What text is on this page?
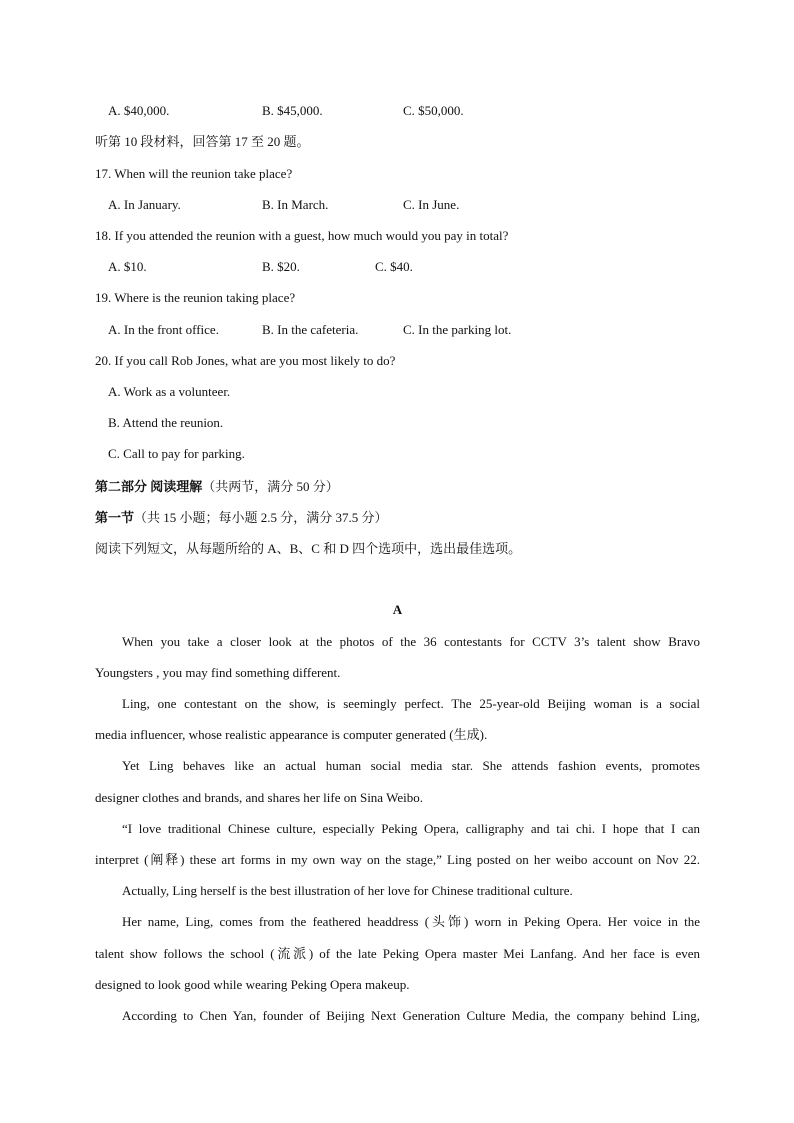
A. $40,000.	B. $45,000.	C. $50,000.
听第 10 段材料，回答第 17 至 20 题。
17. When will the reunion take place?
A. In January.	B. In March.	C. In June.
18. If you attended the reunion with a guest, how much would you pay in total?
A. $10.	B. $20.	C. $40.
19. Where is the reunion taking place?
A. In the front office.	B. In the cafeteria.	C. In the parking lot.
20. If you call Rob Jones, what are you most likely to do?
A. Work as a volunteer.
B. Attend the reunion.
C. Call to pay for parking.
第二部分 阅读理解（共两节，满分 50 分）
第一节（共 15 小题；每小题 2.5 分，满分 37.5 分）
阅读下列短文，从每题所给的 A、B、C 和 D 四个选项中，选出最佳选项。
A
When you take a closer look at the photos of the 36 contestants for CCTV 3’s talent show Bravo
Youngsters , you may find something different.
Ling, one contestant on the show, is seemingly perfect. The 25-year-old Beijing woman is a social
media influencer, whose realistic appearance is computer generated (生成).
Yet Ling behaves like an actual human social media star. She attends fashion events, promotes
designer clothes and brands, and shares her life on Sina Weibo.
“I love traditional Chinese culture, especially Peking Opera, calligraphy and tai chi. I hope that I can
interpret (阐释) these art forms in my own way on the stage,” Ling posted on her weibo account on Nov 22.
Actually, Ling herself is the best illustration of her love for Chinese traditional culture.
Her name, Ling, comes from the feathered headdress (头饰) worn in Peking Opera. Her voice in the
talent show follows the school (流派) of the late Peking Opera master Mei Lanfang. And her face is even
designed to look good while wearing Peking Opera makeup.
According to Chen Yan, founder of Beijing Next Generation Culture Media, the company behind Ling,
